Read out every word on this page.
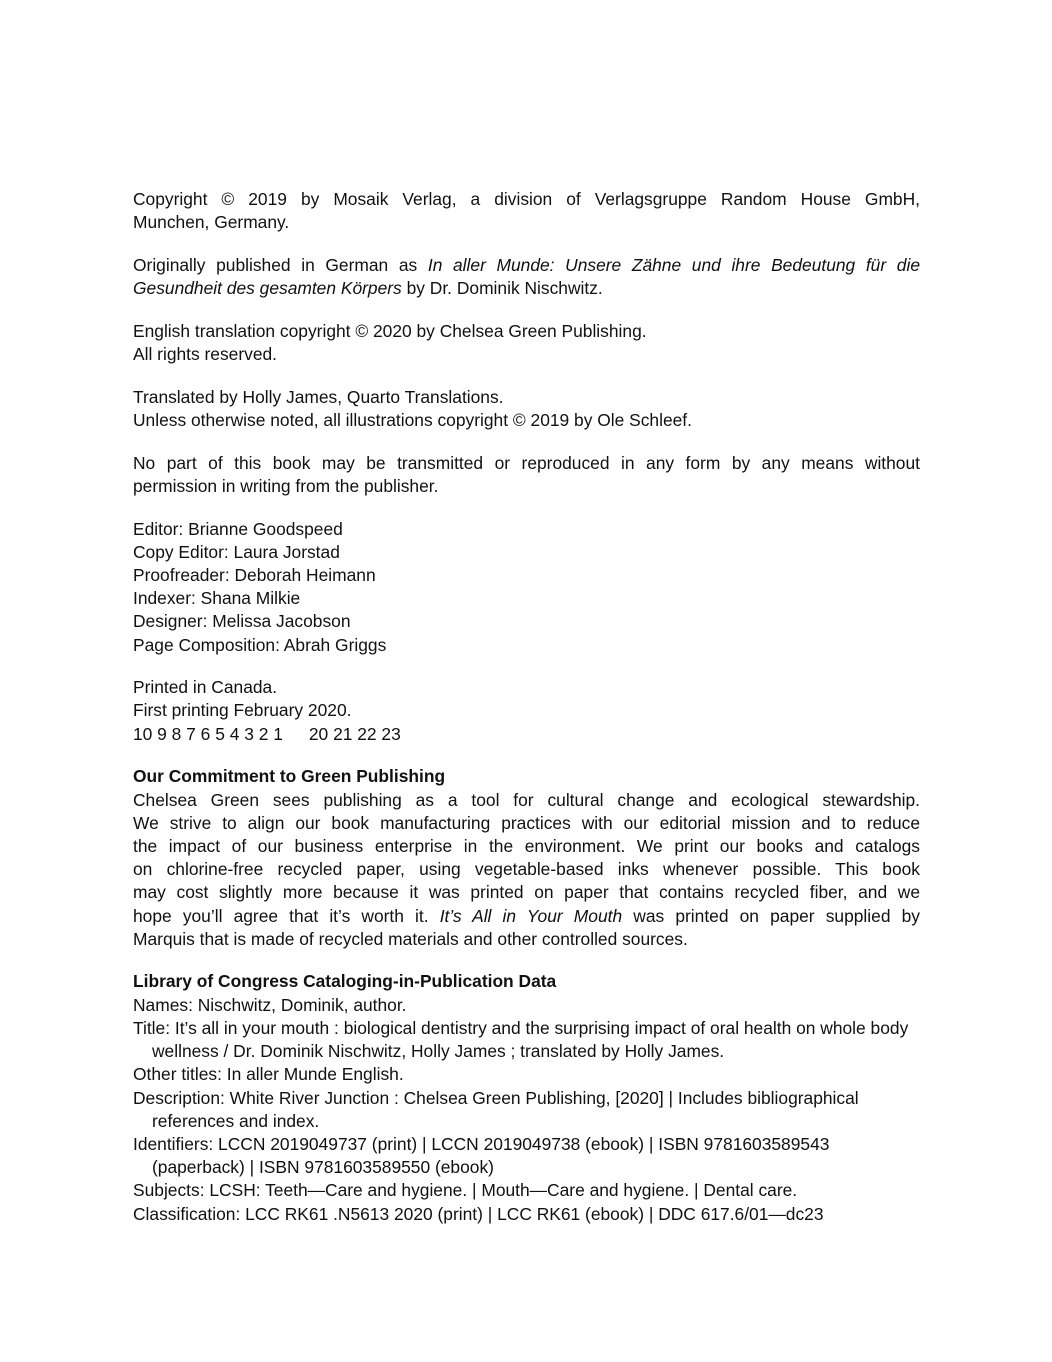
Copyright © 2019 by Mosaik Verlag, a division of Verlagsgruppe Random House GmbH,
Munchen, Germany.

Originally published in German as In aller Munde: Unsere Zähne und ihre Bedeutung für die
Gesundheit des gesamten Körpers by Dr. Dominik Nischwitz.

English translation copyright © 2020 by Chelsea Green Publishing.
All rights reserved.

Translated by Holly James, Quarto Translations.
Unless otherwise noted, all illustrations copyright © 2019 by Ole Schleef.

No part of this book may be transmitted or reproduced in any form by any means without
permission in writing from the publisher.

Editor: Brianne Goodspeed
Copy Editor: Laura Jorstad
Proofreader: Deborah Heimann
Indexer: Shana Milkie
Designer: Melissa Jacobson
Page Composition: Abrah Griggs

Printed in Canada.
First printing February 2020.
10 9 8 7 6 5 4 3 2 1 20 21 22 23

Our Commitment to Green Publishing
Chelsea Green sees publishing as a tool for cultural change and ecological stewardship.
We strive to align our book manufacturing practices with our editorial mission and to reduce
the impact of our business enterprise in the environment. We print our books and catalogs
on chlorine-free recycled paper, using vegetable-based inks whenever possible. This book
may cost slightly more because it was printed on paper that contains recycled fiber, and we
hope you’ll agree that it’s worth it. It’s All in Your Mouth was printed on paper supplied by
Marquis that is made of recycled materials and other controlled sources.

Library of Congress Cataloging-in-Publication Data
Names: Nischwitz, Dominik, author.
Title: It’s all in your mouth : biological dentistry and the surprising impact of oral health on whole body wellness / Dr. Dominik Nischwitz, Holly James ; translated by Holly James.
Other titles: In aller Munde English.
Description: White River Junction : Chelsea Green Publishing, [2020] | Includes bibliographical references and index.
Identifiers: LCCN 2019049737 (print) | LCCN 2019049738 (ebook) | ISBN 9781603589543 (paperback) | ISBN 9781603589550 (ebook)
Subjects: LCSH: Teeth—Care and hygiene. | Mouth—Care and hygiene. | Dental care.
Classification: LCC RK61 .N5613 2020 (print) | LCC RK61 (ebook) | DDC 617.6/01—dc23
